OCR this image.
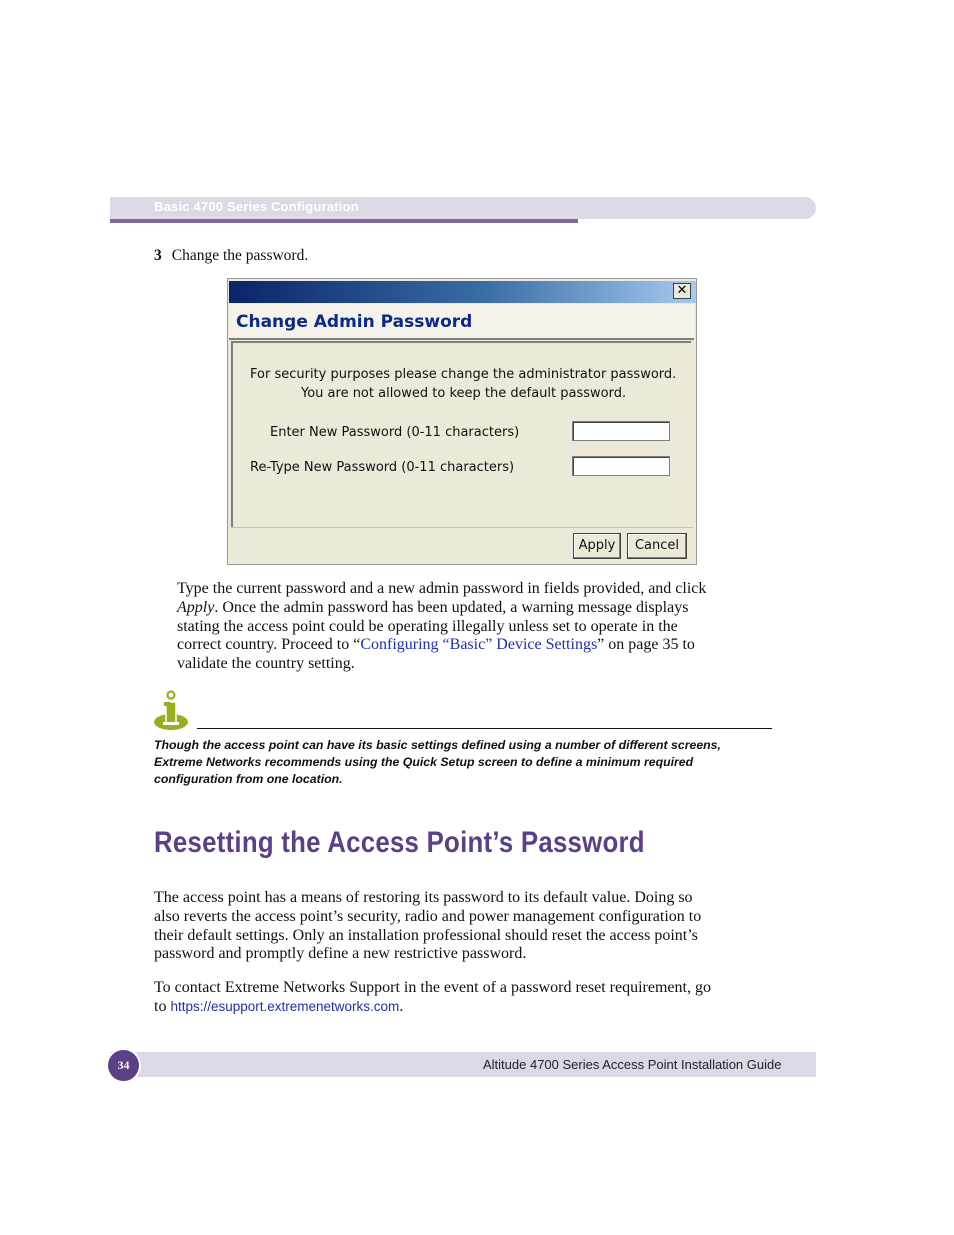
Basic 4700 Series Configuration
3 Change the password.
✕
Change Admin Password
For security purposes please change the administrator password.
You are not allowed to keep the default password.
Enter New Password (0-11 characters)
Re-Type New Password (0-11 characters)
Apply	Cancel
Type the current password and a new admin password in fields provided, and click
Apply. Once the admin password has been updated, a warning message displays
stating the access point could be operating illegally unless set to operate in the
correct country. Proceed to “Configuring “Basic” Device Settings” on page 35 to
validate the country setting.
Though the access point can have its basic settings defined using a number of different screens,
Extreme Networks recommends using the Quick Setup screen to define a minimum required
configuration from one location.
Resetting the Access Point’s Password
The access point has a means of restoring its password to its default value. Doing so
also reverts the access point’s security, radio and power management configuration to
their default settings. Only an installation professional should reset the access point’s
password and promptly define a new restrictive password.
To contact Extreme Networks Support in the event of a password reset requirement, go
to https://esupport.extremenetworks.com.
34	Altitude 4700 Series Access Point Installation Guide
